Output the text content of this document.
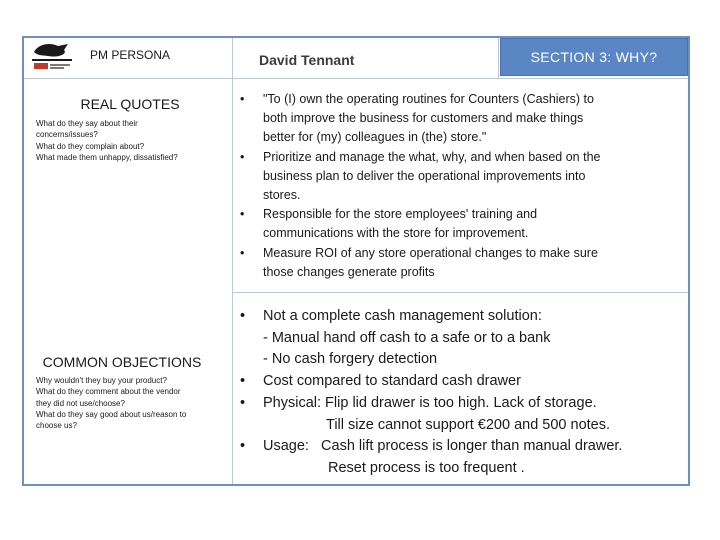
PM PERSONA	David Tennant	SECTION 3: WHY?
REAL QUOTES
What do they say about their
concerns/issues?
What do they complain about?
What made them unhappy, dissatisfied?
COMMON OBJECTIONS
Why wouldn't they buy your product?
What do they comment about the vendor
they did not use/choose?
What do they say good about us/reason to
choose us?
• "To (I) own the operating routines for Counters (Cashiers) to
both improve the business for customers and make things
better for (my) colleagues in (the) store."
• Prioritize and manage the what, why, and when based on the
business plan to deliver the operational improvements into
stores.
• Responsible for the store employees' training and
communications with the store for improvement.
• Measure ROI of any store operational changes to make sure
those changes generate profits
• Not a complete cash management solution:
- Manual hand off cash to a safe or to a bank
- No cash forgery detection
• Cost compared to standard cash drawer
• Physical: Flip lid drawer is too high. Lack of storage.
Till size cannot support €200 and 500 notes.
• Usage:   Cash lift process is longer than manual drawer.
Reset process is too frequent .
